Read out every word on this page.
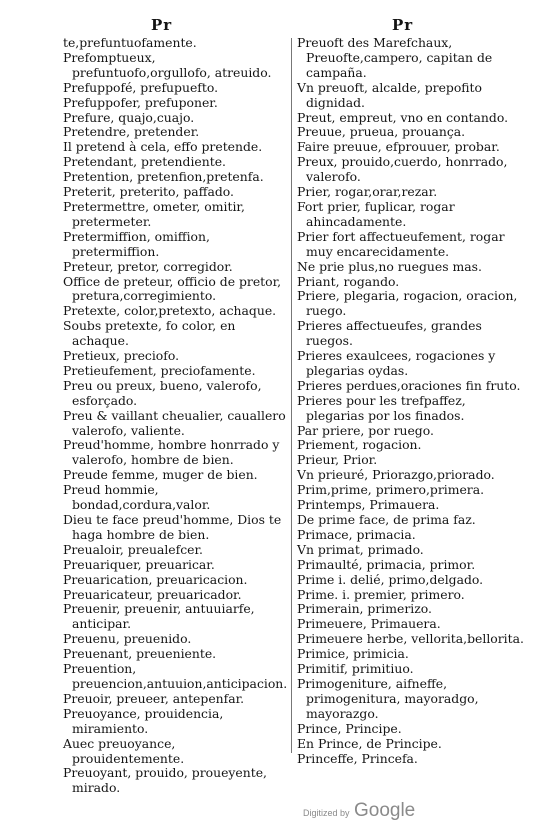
Pr	Pr

te,prefuntuofamente.

Prefomptueux, prefuntuofo,orgullofo, atreuido.

Prefuppofé, prefupuefto.

Prefuppofer, prefuponer.

Prefure, quajo,cuajo.

Pretendre, pretender.

Il pretend à cela, effo pretende.

Pretendant, pretendiente.

Pretention, pretenfion,pretenfa.

Preterit, preterito, paffado.

Pretermettre, ometer, omitir, pretermeter.

Pretermiffion, omiffion, pretermiffion.

Preteur, pretor, corregidor.

Office de preteur, officio de pretor, pretura,corregimiento.

Pretexte, color,pretexto, achaque.

Soubs pretexte, fo color, en achaque.

Pretieux, preciofo.

Pretieufement, preciofamente.

Preu ou preux, bueno, valerofo, esforçado.

Preu & vaillant cheualier, cauallero valerofo, valiente.

Preud'homme, hombre honrrado y valerofo, hombre de bien.

Preude femme, muger de bien.

Preud hommie, bondad,cordura,valor.

Dieu te face preud'homme, Dios te haga hombre de bien.

Preualoir, preualefcer.

Preuariquer, preuaricar.

Preuarication, preuaricacion.

Preuaricateur, preuaricador.

Preuenir, preuenir, antuuiarfe, anticipar.

Preuenu, preuenido.

Preuenant, preueniente.

Preuention, preuencion,antuuion,anticipacion.

Preuoir, preueer, antepenfar.

Preuoyance, prouidencia, miramiento.

Auec preuoyance, prouidentemente.

Preuoyant, prouido, proueyente, mirado.

Preuoft des Marefchaux, Preuofte,campero, capitan de campaña.

Vn preuoft, alcalde, prepofito dignidad.

Preut, empreut, vno en contando.

Preuue, prueua, prouança.

Faire preuue, efprouuer, probar.

Preux, prouido,cuerdo, honrrado, valerofo.

Prier, rogar,orar,rezar.

Fort prier, fuplicar, rogar ahincadamente.

Prier fort affectueufement, rogar muy encarecidamente.

Ne prie plus,no ruegues mas.

Priant, rogando.

Priere, plegaria, rogacion, oracion, ruego.

Prieres affectueufes, grandes ruegos.

Prieres exaulcees, rogaciones y plegarias oydas.

Prieres perdues,oraciones fin fruto.

Prieres pour les trefpaffez, plegarias por los finados.

Par priere, por ruego.

Priement, rogacion.

Prieur, Prior.

Vn prieuré, Priorazgo,priorado.

Prim,prime, primero,primera.

Printemps, Primauera.

De prime face, de prima faz.

Primace, primacia.

Vn primat, primado.

Primaulté, primacia, primor.

Prime i. delié, primo,delgado.

Prime. i. premier, primero.

Primerain, primerizo.

Primeuere, Primauera.

Primeuere herbe, vellorita,bellorita.

Primice, primicia.

Primitif, primitiuo.

Primogeniture, aifneffe, primogenitura, mayoradgo, mayorazgo.

Prince, Principe.

En Prince, de Principe.

Princeffe, Princefa.

Digitized by Google
